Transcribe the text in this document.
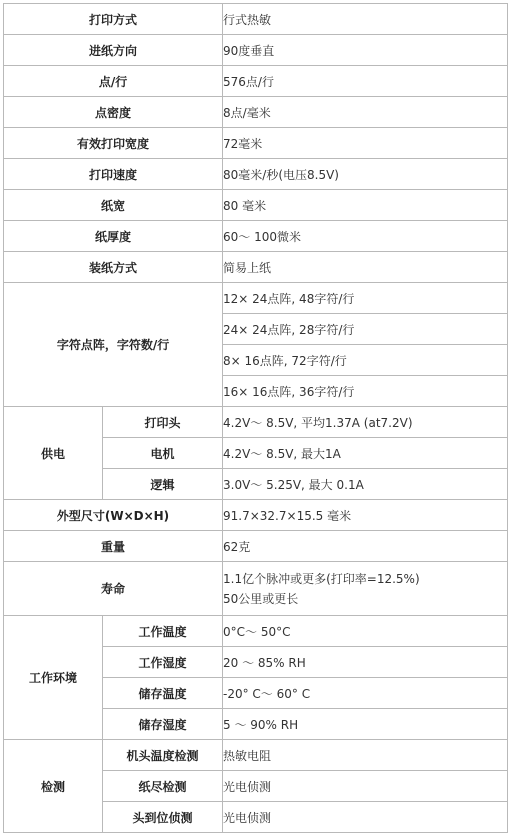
打印方式		行式热敏
进纸方向		90度垂直
点/行		576点/行
点密度		8点/毫米
有效打印宽度		72毫米
打印速度		80毫米/秒(电压8.5V)
纸宽		80 毫米
纸厚度		60～ 100微米
装纸方式		简易上纸
字符点阵，字符数/行		12× 24点阵, 48字符/行
		24× 24点阵, 28字符/行
		8× 16点阵, 72字符/行
		16× 16点阵, 36字符/行
供电	打印头	4.2V～ 8.5V, 平均1.37A (at7.2V)
	电机	4.2V～ 8.5V, 最大1A
	逻辑	3.0V～ 5.25V, 最大 0.1A
外型尺寸(W×D×H)		91.7×32.7×15.5 毫米
重量		62克
寿命		1.1亿个脉冲或更多(打印率=12.5%)
50公里或更长

工作环境	工作温度	0°C～ 50°C
	工作湿度	20 ～ 85% RH
	储存温度	-20° C～ 60° C
	储存湿度	5 ～ 90% RH
检测	机头温度检测	热敏电阻
	纸尽检测	光电侦测
	头到位侦测	光电侦测
